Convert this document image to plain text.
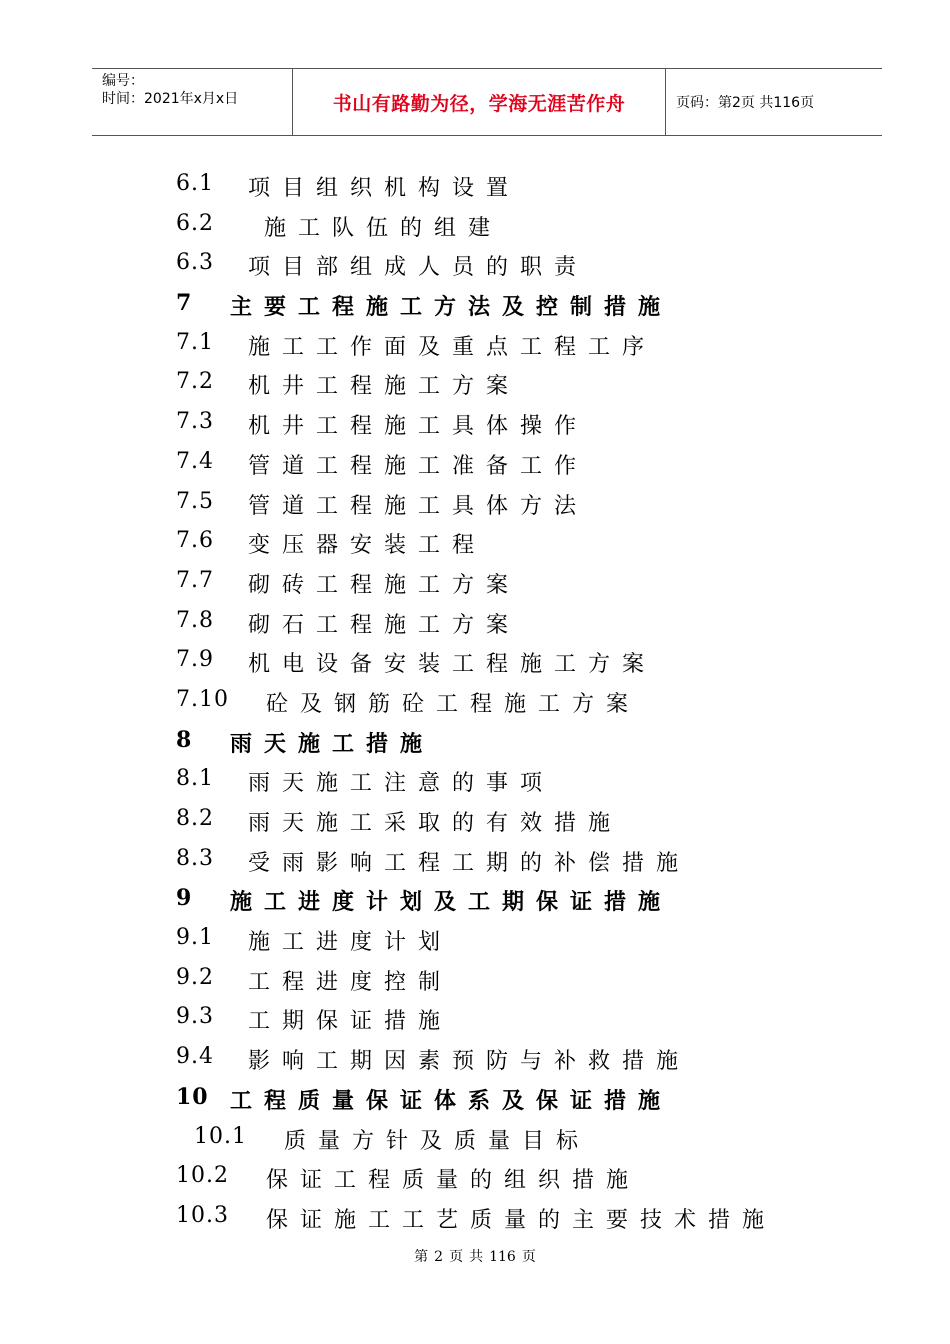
编号：
时间：2021年x月x日	书山有路勤为径，学海无涯苦作舟	页码：第2页 共116页
6.1 项目组织机构设置
6.2 施工队伍的组建
6.3 项目部组成人员的职责
7 主要工程施工方法及控制措施
7.1 施工工作面及重点工程工序
7.2 机井工程施工方案
7.3 机井工程施工具体操作
7.4 管道工程施工准备工作
7.5 管道工程施工具体方法
7.6 变压器安装工程
7.7 砌砖工程施工方案
7.8 砌石工程施工方案
7.9 机电设备安装工程施工方案
7.10 砼及钢筋砼工程施工方案
8 雨天施工措施
8.1 雨天施工注意的事项
8.2 雨天施工采取的有效措施
8.3 受雨影响工程工期的补偿措施
9 施工进度计划及工期保证措施
9.1 施工进度计划
9.2 工程进度控制
9.3 工期保证措施
9.4 影响工期因素预防与补救措施
10 工程质量保证体系及保证措施
10.1 质量方针及质量目标
10.2 保证工程质量的组织措施
10.3 保证施工工艺质量的主要技术措施
第 2 页 共 116 页
